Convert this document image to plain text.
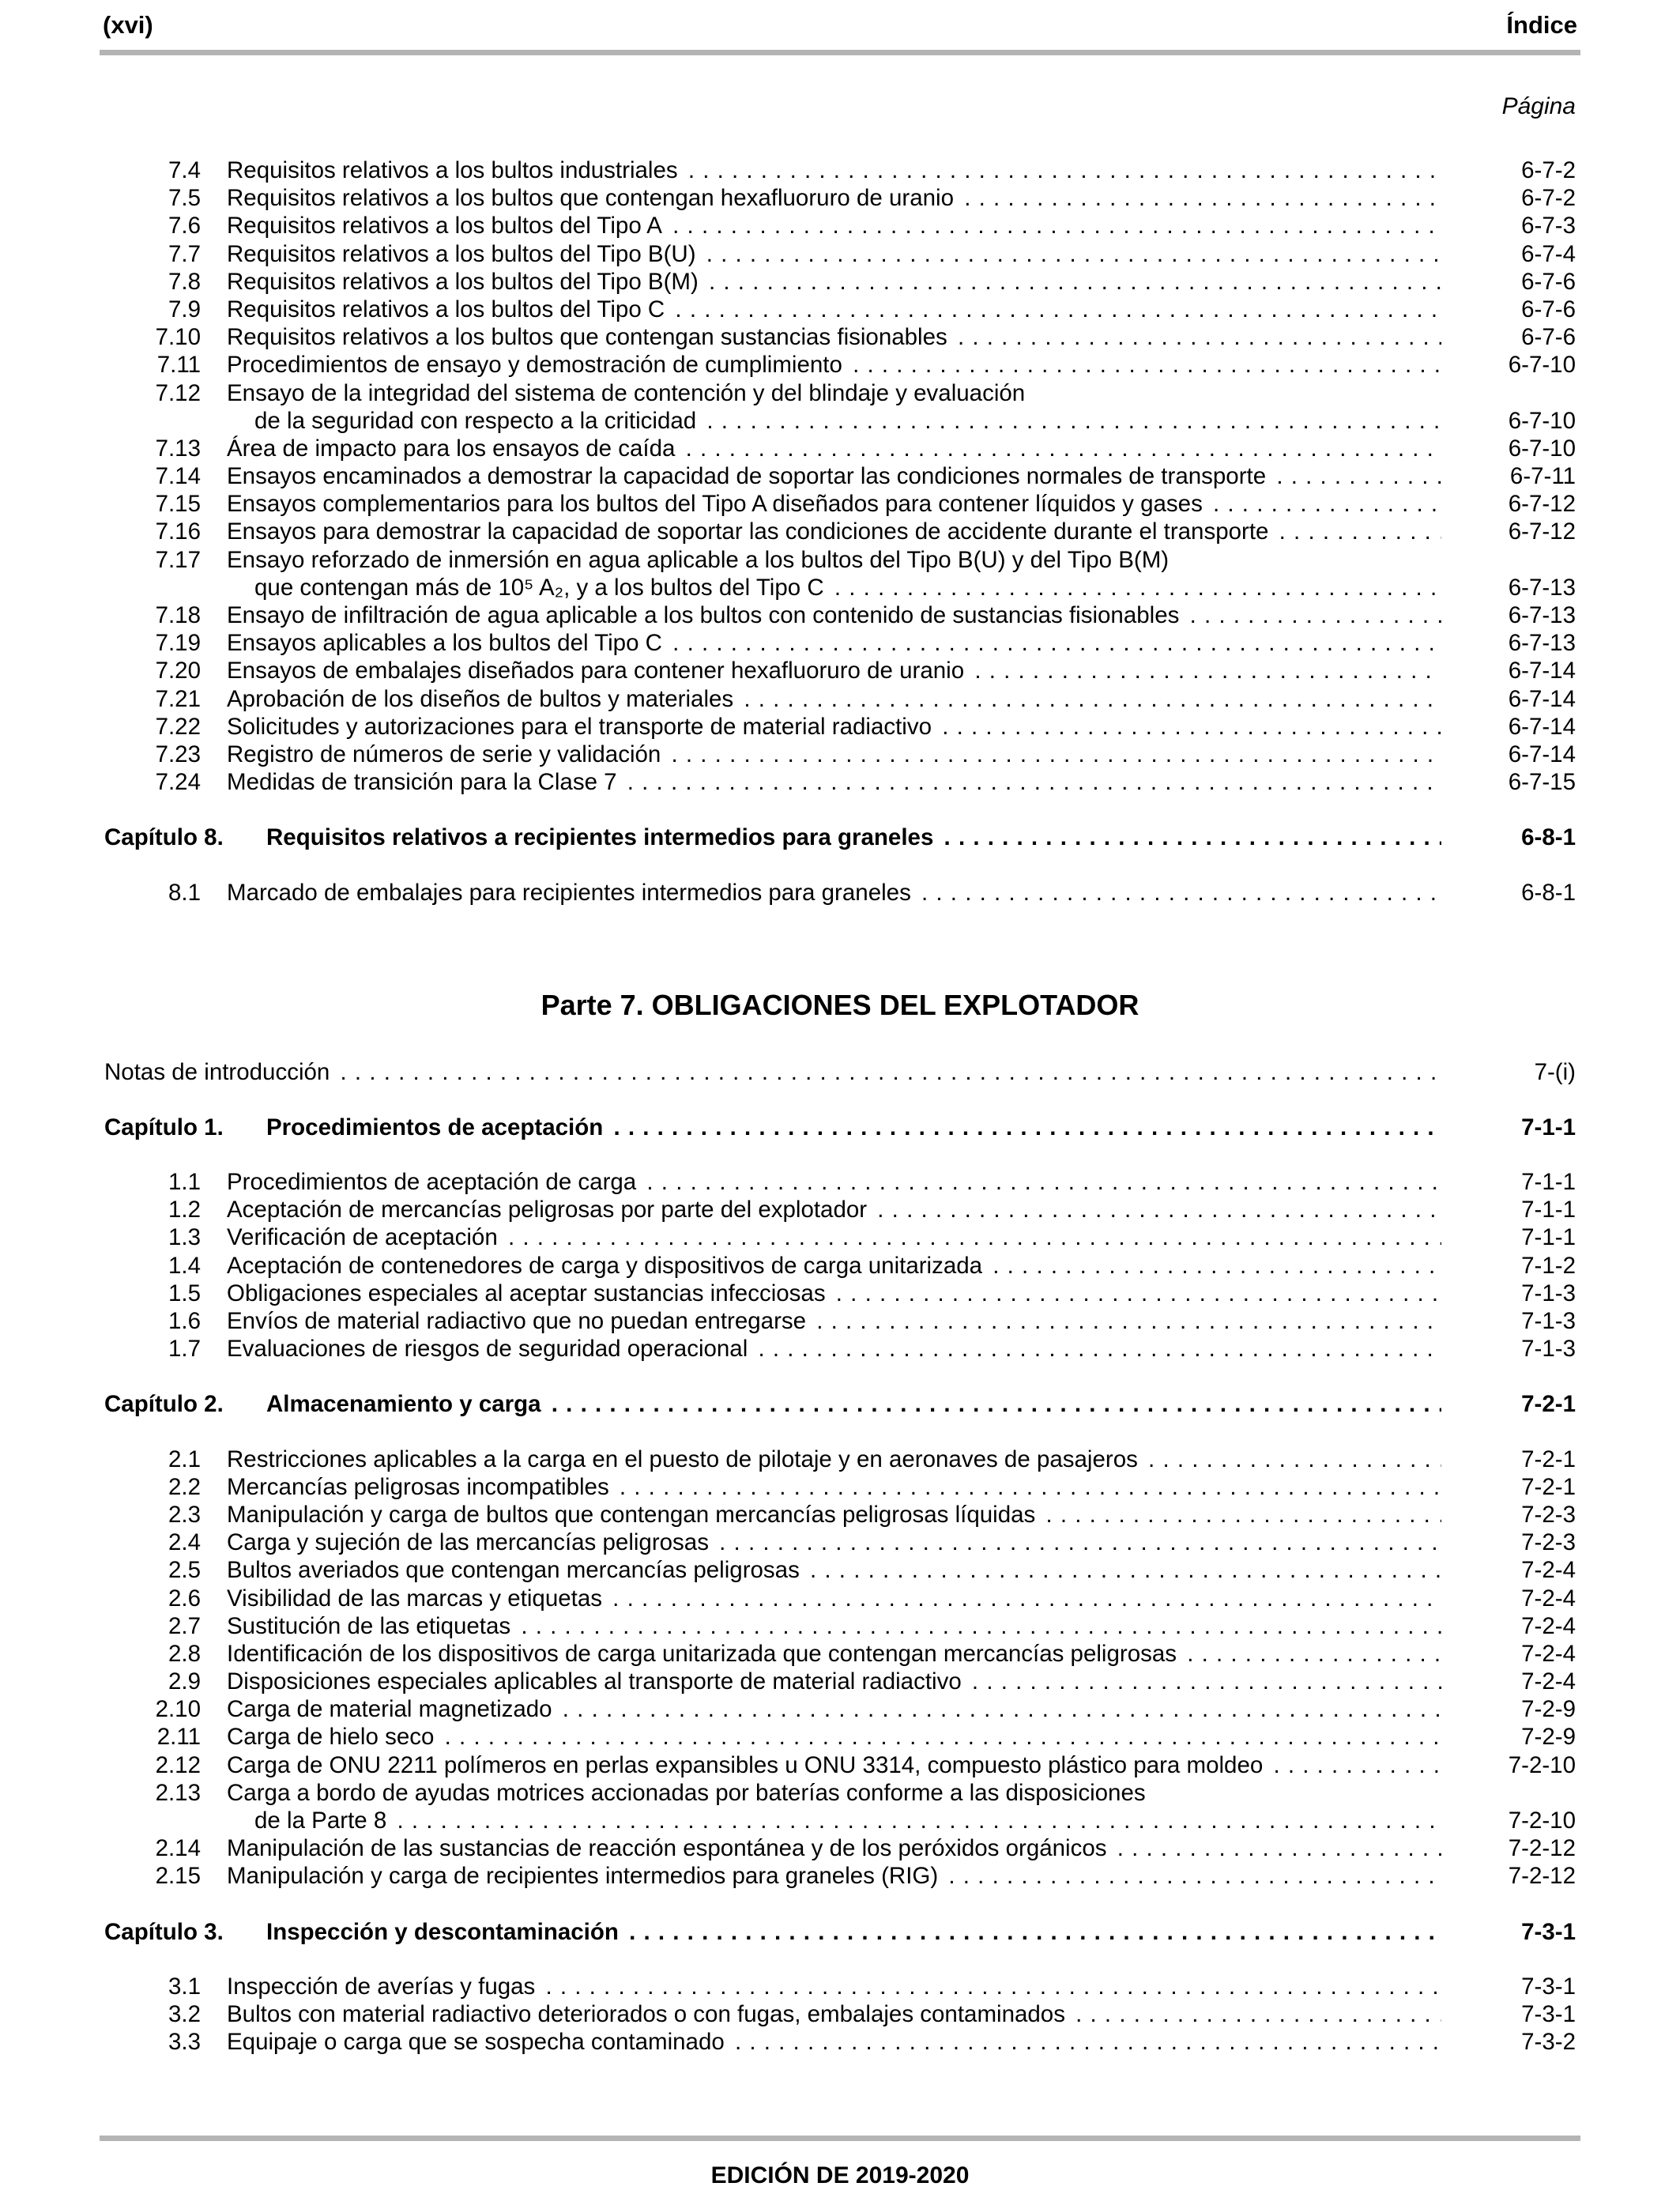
(xvi)	Índice
Página
7.4 Requisitos relativos a los bultos industriales . . .	6-7-2
7.5 Requisitos relativos a los bultos que contengan hexafluoruro de uranio . . .	6-7-2
7.6 Requisitos relativos a los bultos del Tipo A . . .	6-7-3
7.7 Requisitos relativos a los bultos del Tipo B(U) . . .	6-7-4
7.8 Requisitos relativos a los bultos del Tipo B(M) . . .	6-7-6
7.9 Requisitos relativos a los bultos del Tipo C . . .	6-7-6
7.10 Requisitos relativos a los bultos que contengan sustancias fisionables . . .	6-7-6
7.11 Procedimientos de ensayo y demostración de cumplimiento . . .	6-7-10
7.12 Ensayo de la integridad del sistema de contención y del blindaje y evaluación
de la seguridad con respecto a la criticidad . . .	6-7-10
7.13 Área de impacto para los ensayos de caída . . .	6-7-10
7.14 Ensayos encaminados a demostrar la capacidad de soportar las condiciones normales de transporte . . .	6-7-11
7.15 Ensayos complementarios para los bultos del Tipo A diseñados para contener líquidos y gases . . .	6-7-12
7.16 Ensayos para demostrar la capacidad de soportar las condiciones de accidente durante el transporte . . .	6-7-12
7.17 Ensayo reforzado de inmersión en agua aplicable a los bultos del Tipo B(U) y del Tipo B(M)
que contengan más de 10⁵ A₂, y a los bultos del Tipo C . . .	6-7-13
7.18 Ensayo de infiltración de agua aplicable a los bultos con contenido de sustancias fisionables . . .	6-7-13
7.19 Ensayos aplicables a los bultos del Tipo C . . .	6-7-13
7.20 Ensayos de embalajes diseñados para contener hexafluoruro de uranio . . .	6-7-14
7.21 Aprobación de los diseños de bultos y materiales . . .	6-7-14
7.22 Solicitudes y autorizaciones para el transporte de material radiactivo . . .	6-7-14
7.23 Registro de números de serie y validación . . .	6-7-14
7.24 Medidas de transición para la Clase 7 . . .	6-7-15
Capítulo 8. Requisitos relativos a recipientes intermedios para graneles . . .	6-8-1
8.1 Marcado de embalajes para recipientes intermedios para graneles . . .	6-8-1
Parte 7. OBLIGACIONES DEL EXPLOTADOR
Notas de introducción . . .	7-(i)
Capítulo 1. Procedimientos de aceptación . . .	7-1-1
1.1 Procedimientos de aceptación de carga . . .	7-1-1
1.2 Aceptación de mercancías peligrosas por parte del explotador . . .	7-1-1
1.3 Verificación de aceptación . . .	7-1-1
1.4 Aceptación de contenedores de carga y dispositivos de carga unitarizada . . .	7-1-2
1.5 Obligaciones especiales al aceptar sustancias infecciosas . . .	7-1-3
1.6 Envíos de material radiactivo que no puedan entregarse . . .	7-1-3
1.7 Evaluaciones de riesgos de seguridad operacional . . .	7-1-3
Capítulo 2. Almacenamiento y carga . . .	7-2-1
2.1 Restricciones aplicables a la carga en el puesto de pilotaje y en aeronaves de pasajeros . . .	7-2-1
2.2 Mercancías peligrosas incompatibles . . .	7-2-1
2.3 Manipulación y carga de bultos que contengan mercancías peligrosas líquidas . . .	7-2-3
2.4 Carga y sujeción de las mercancías peligrosas . . .	7-2-3
2.5 Bultos averiados que contengan mercancías peligrosas . . .	7-2-4
2.6 Visibilidad de las marcas y etiquetas . . .	7-2-4
2.7 Sustitución de las etiquetas . . .	7-2-4
2.8 Identificación de los dispositivos de carga unitarizada que contengan mercancías peligrosas . . .	7-2-4
2.9 Disposiciones especiales aplicables al transporte de material radiactivo . . .	7-2-4
2.10 Carga de material magnetizado . . .	7-2-9
2.11 Carga de hielo seco . . .	7-2-9
2.12 Carga de ONU 2211 polímeros en perlas expansibles u ONU 3314, compuesto plástico para moldeo . . .	7-2-10
2.13 Carga a bordo de ayudas motrices accionadas por baterías conforme a las disposiciones
de la Parte 8 . . .	7-2-10
2.14 Manipulación de las sustancias de reacción espontánea y de los peróxidos orgánicos . . .	7-2-12
2.15 Manipulación y carga de recipientes intermedios para graneles (RIG) . . .	7-2-12
Capítulo 3. Inspección y descontaminación . . .	7-3-1
3.1 Inspección de averías y fugas . . .	7-3-1
3.2 Bultos con material radiactivo deteriorados o con fugas, embalajes contaminados . . .	7-3-1
3.3 Equipaje o carga que se sospecha contaminado . . .	7-3-2
EDICIÓN DE 2019-2020
